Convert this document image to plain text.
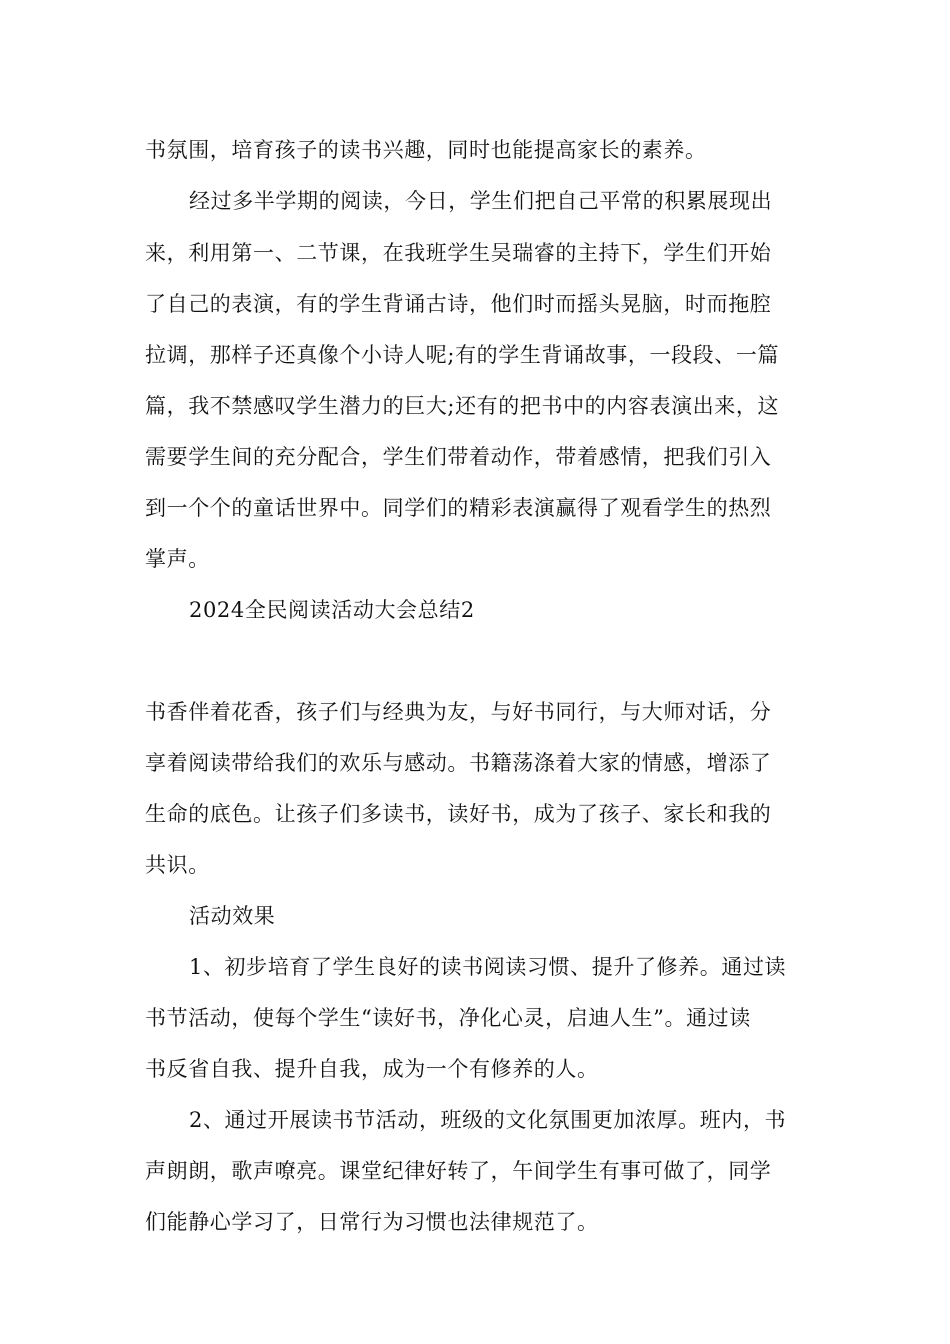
书氛围，培育孩子的读书兴趣，同时也能提高家长的素养。
经过多半学期的阅读，今日，学生们把自己平常的积累展现出
来，利用第一、二节课，在我班学生吴瑞睿的主持下，学生们开始
了自己的表演，有的学生背诵古诗，他们时而摇头晃脑，时而拖腔
拉调，那样子还真像个小诗人呢;有的学生背诵故事，一段段、一篇
篇，我不禁感叹学生潜力的巨大;还有的把书中的内容表演出来，这
需要学生间的充分配合，学生们带着动作，带着感情，把我们引入
到一个个的童话世界中。同学们的精彩表演赢得了观看学生的热烈
掌声。
2024全民阅读活动大会总结2
书香伴着花香，孩子们与经典为友，与好书同行，与大师对话，分
享着阅读带给我们的欢乐与感动。书籍荡涤着大家的情感，增添了
生命的底色。让孩子们多读书，读好书，成为了孩子、家长和我的
共识。
活动效果
1、初步培育了学生良好的读书阅读习惯、提升了修养。通过读
书节活动，使每个学生“读好书，净化心灵，启迪人生”。通过读
书反省自我、提升自我，成为一个有修养的人。
2、通过开展读书节活动，班级的文化氛围更加浓厚。班内，书
声朗朗，歌声嘹亮。课堂纪律好转了，午间学生有事可做了，同学
们能静心学习了，日常行为习惯也法律规范了。
